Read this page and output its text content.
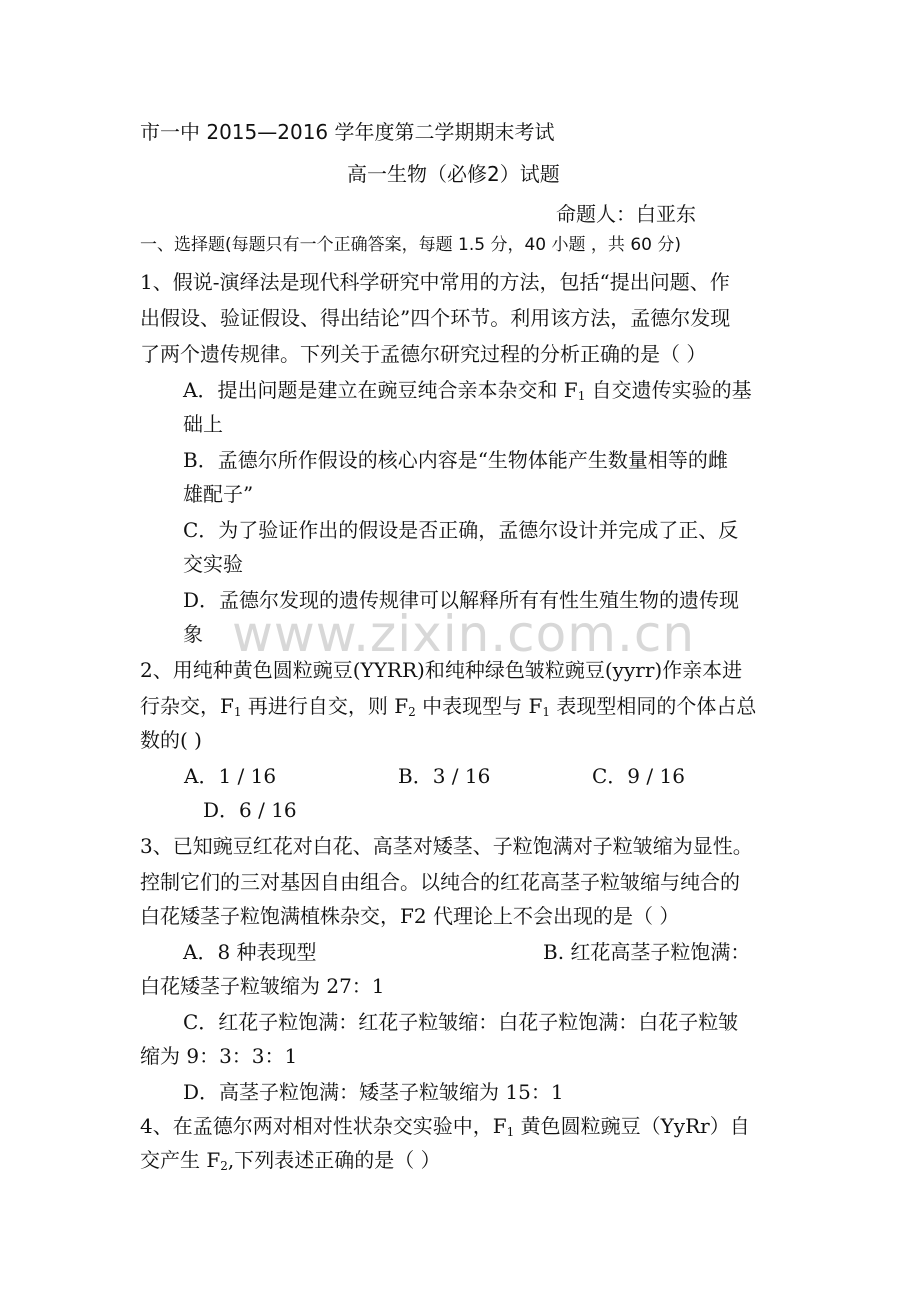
www.zixin.com.cn
市一中 2015—2016 学年度第二学期期末考试
高一生物（必修2）试题
命题人：白亚东
一、选择题(每题只有一个正确答案，每题 1.5 分，40 小题 ，共 60 分)
1、假说-演绎法是现代科学研究中常用的方法，包括“提出问题、作
出假设、验证假设、得出结论”四个环节。利用该方法，孟德尔发现
了两个遗传规律。下列关于孟德尔研究过程的分析正确的是（ ）
A．提出问题是建立在豌豆纯合亲本杂交和 $F_1$ 自交遗传实验的基
础上
B．孟德尔所作假设的核心内容是“生物体能产生数量相等的雌
雄配子”
C．为了验证作出的假设是否正确，孟德尔设计并完成了正、反
交实验
D．孟德尔发现的遗传规律可以解释所有有性生殖生物的遗传现
象
2、用纯种黄色圆粒豌豆(YYRR)和纯种绿色皱粒豌豆(yyrr)作亲本进
行杂交，$F_1$ 再进行自交，则 $F_2$ 中表现型与 $F_1$ 表现型相同的个体占总
数的( )
A．1 / 16	B．3 / 16	C．9 / 16
D．6 / 16
3、已知豌豆红花对白花、高茎对矮茎、子粒饱满对子粒皱缩为显性。
控制它们的三对基因自由组合。以纯合的红花高茎子粒皱缩与纯合的
白花矮茎子粒饱满植株杂交，F2 代理论上不会出现的是（ ）
A．8 种表现型	B. 红花高茎子粒饱满：
白花矮茎子粒皱缩为 27：1
C．红花子粒饱满：红花子粒皱缩：白花子粒饱满：白花子粒皱
缩为 9：3：3：1
D．高茎子粒饱满：矮茎子粒皱缩为 15：1
4、在孟德尔两对相对性状杂交实验中，$F_1$ 黄色圆粒豌豆（YyRr）自
交产生 $F_2$,下列表述正确的是（ ）
